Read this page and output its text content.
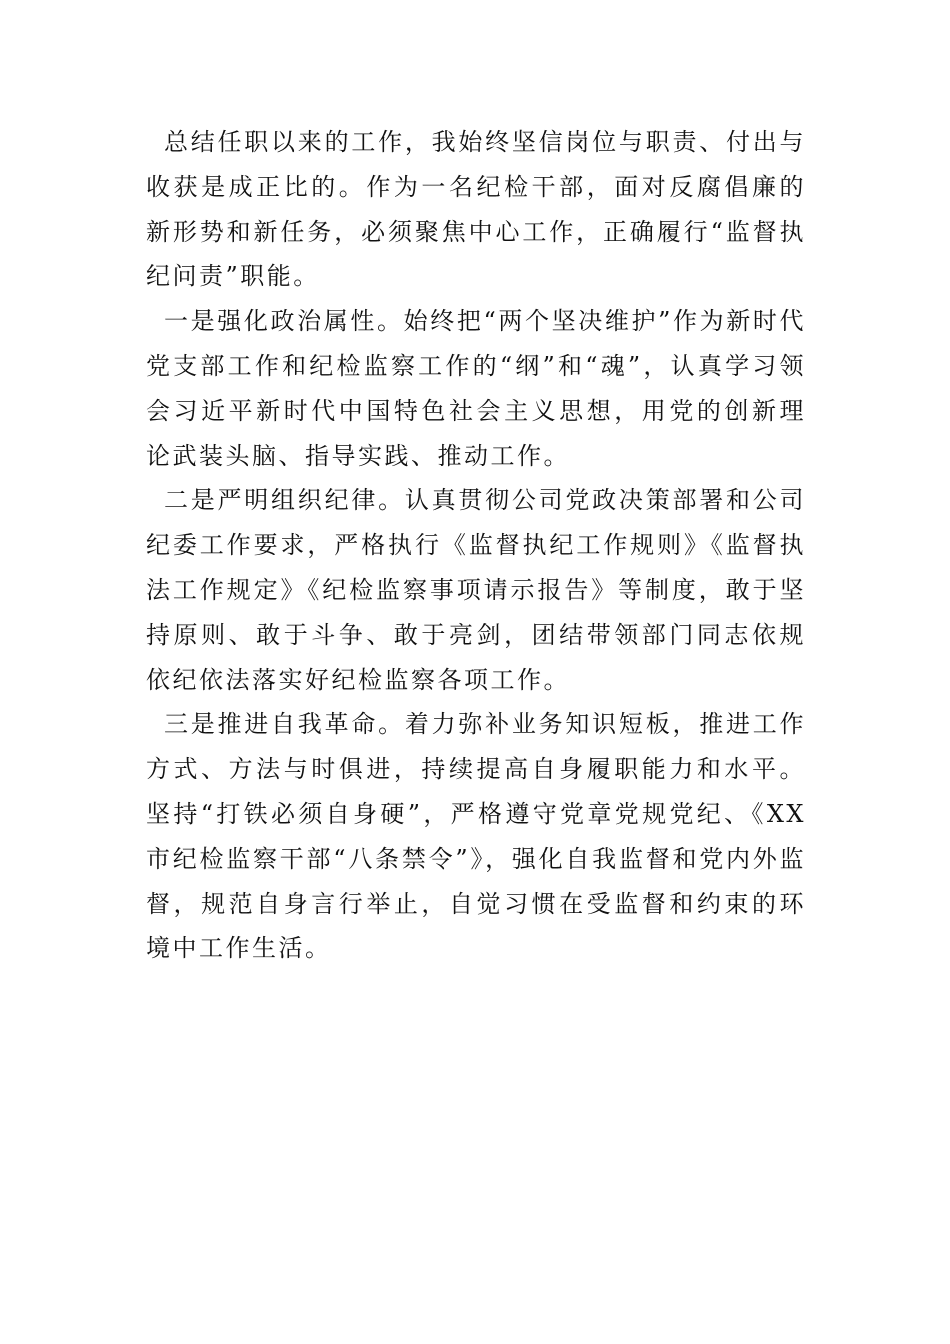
总结任职以来的工作，我始终坚信岗位与职责、付出与收获是成正比的。作为一名纪检干部，面对反腐倡廉的新形势和新任务，必须聚焦中心工作，正确履行“监督执纪问责”职能。

一是强化政治属性。始终把“两个坚决维护”作为新时代党支部工作和纪检监察工作的“纲”和“魂”，认真学习领会习近平新时代中国特色社会主义思想，用党的创新理论武装头脑、指导实践、推动工作。

二是严明组织纪律。认真贯彻公司党政决策部署和公司纪委工作要求，严格执行《监督执纪工作规则》《监督执法工作规定》《纪检监察事项请示报告》等制度，敢于坚持原则、敢于斗争、敢于亮剑，团结带领部门同志依规依纪依法落实好纪检监察各项工作。

三是推进自我革命。着力弥补业务知识短板，推进工作方式、方法与时俱进，持续提高自身履职能力和水平。坚持“打铁必须自身硬”，严格遵守党章党规党纪、《XX市纪检监察干部“八条禁令”》，强化自我监督和党内外监督，规范自身言行举止，自觉习惯在受监督和约束的环境中工作生活。
